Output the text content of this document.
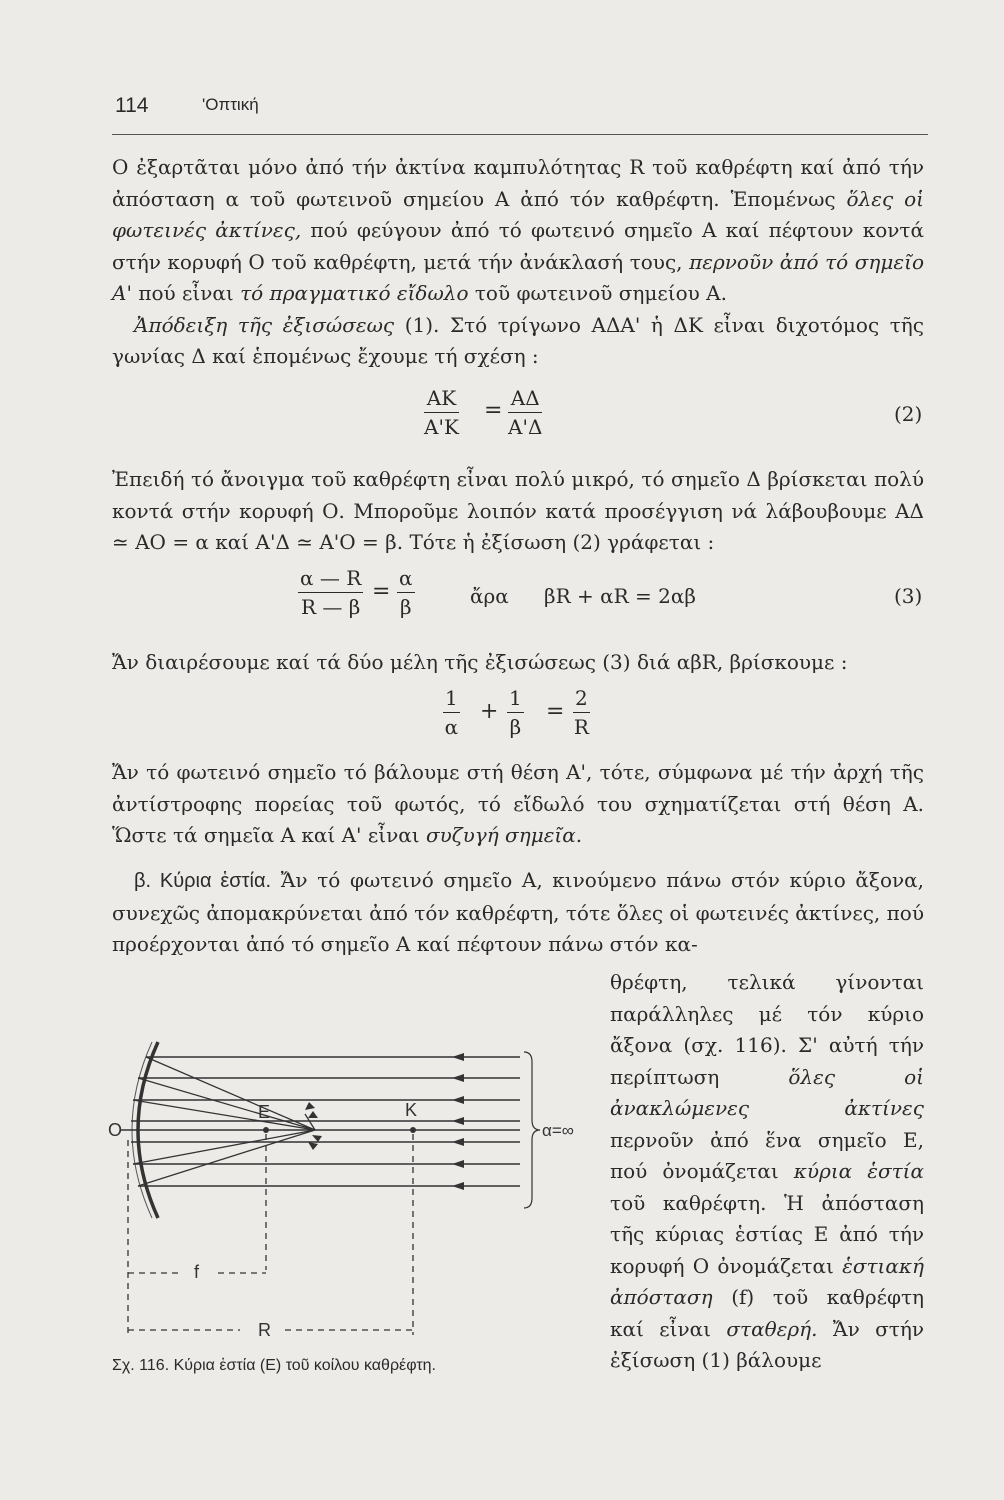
114	'Οπτική

Ο ἐξαρτᾶται μόνο ἀπό τήν ἀκτίνα καμπυλότητας R τοῦ καθρέφτη καί ἀπό τήν ἀπόσταση α τοῦ φωτεινοῦ σημείου Α ἀπό τόν καθρέφτη. Ἑπομένως ὅλες οἱ φωτεινές ἀκτίνες, πού φεύγουν ἀπό τό φωτεινό σημεῖο Α καί πέφτουν κοντά στήν κορυφή Ο τοῦ καθρέφτη, μετά τήν ἀνάκλασή τους, περνοῦν ἀπό τό σημεῖο Α' πού εἶναι τό πραγματικό εἴδωλο τοῦ φωτεινοῦ σημείου Α.

Ἀπόδειξη τῆς ἐξισώσεως (1). Στό τρίγωνο ΑΔΑ' ἡ ΔΚ εἶναι διχοτόμος τῆς γωνίας Δ καί ἑπομένως ἔχουμε τή σχέση :

$\frac{AK}{A'K} = \frac{A\Delta}{A'\Delta}$	(2)

Ἐπειδή τό ἄνοιγμα τοῦ καθρέφτη εἶναι πολύ μικρό, τό σημεῖο Δ βρίσκεται πολύ κοντά στήν κορυφή Ο. Μποροῦμε λοιπόν κατά προσέγγιση νά λάβουβουμε ΑΔ ≃ ΑΟ = α καί Α'Δ ≃ Α'Ο = β. Τότε ἡ ἐξίσωση (2) γράφεται :

$\frac{\alpha — R}{R — \beta} = \frac{\alpha}{\beta}$	ἄρα βR + αR = 2αβ	(3)

Ἄν διαιρέσουμε καί τά δύο μέλη τῆς ἐξισώσεως (3) διά αβR, βρίσκουμε :

$\frac{1}{\alpha} + \frac{1}{\beta} = \frac{2}{R}$

Ἄν τό φωτεινό σημεῖο τό βάλουμε στή θέση Α', τότε, σύμφωνα μέ τήν ἀρχή τῆς ἀντίστροφης πορείας τοῦ φωτός, τό εἴδωλό του σχηματίζεται στή θέση Α. Ὥστε τά σημεῖα Α καί Α' εἶναι συζυγή σημεῖα.

β. Κύρια ἑστία. Ἄν τό φωτεινό σημεῖο Α, κινούμενο πάνω στόν κύριο ἄξονα, συνεχῶς ἀπομακρύνεται ἀπό τόν καθρέφτη, τότε ὅλες οἱ φωτεινές ἀκτίνες, πού προέρχονται ἀπό τό σημεῖο Α καί πέφτουν πάνω στόν κα-

θρέφτη, τελικά γίνονται παράλληλες μέ τόν κύριο ἄξονα (σχ. 116). Σ' αὐτή τήν περίπτωση	ὅλες οἱ ἀνακλώμενες ἀκτίνες περνοῦν ἀπό ἕνα σημεῖο Ε, πού ὀνομάζεται κύρια ἑστία τοῦ καθρέφτη. Ἡ ἀπόσταση τῆς κύριας ἑστίας Ε ἀπό τήν κορυφή Ο ὀνομάζεται ἑστιακή ἀπόσταση (f) τοῦ καθρέφτη καί εἶναι σταθερή. Ἄν στήν ἐξίσωση (1) βάλουμε

O
E	K
α=∞
f
R
Σχ. 116. Κύρια ἑστία (Ε) τοῦ κοίλου καθρέφτη.
